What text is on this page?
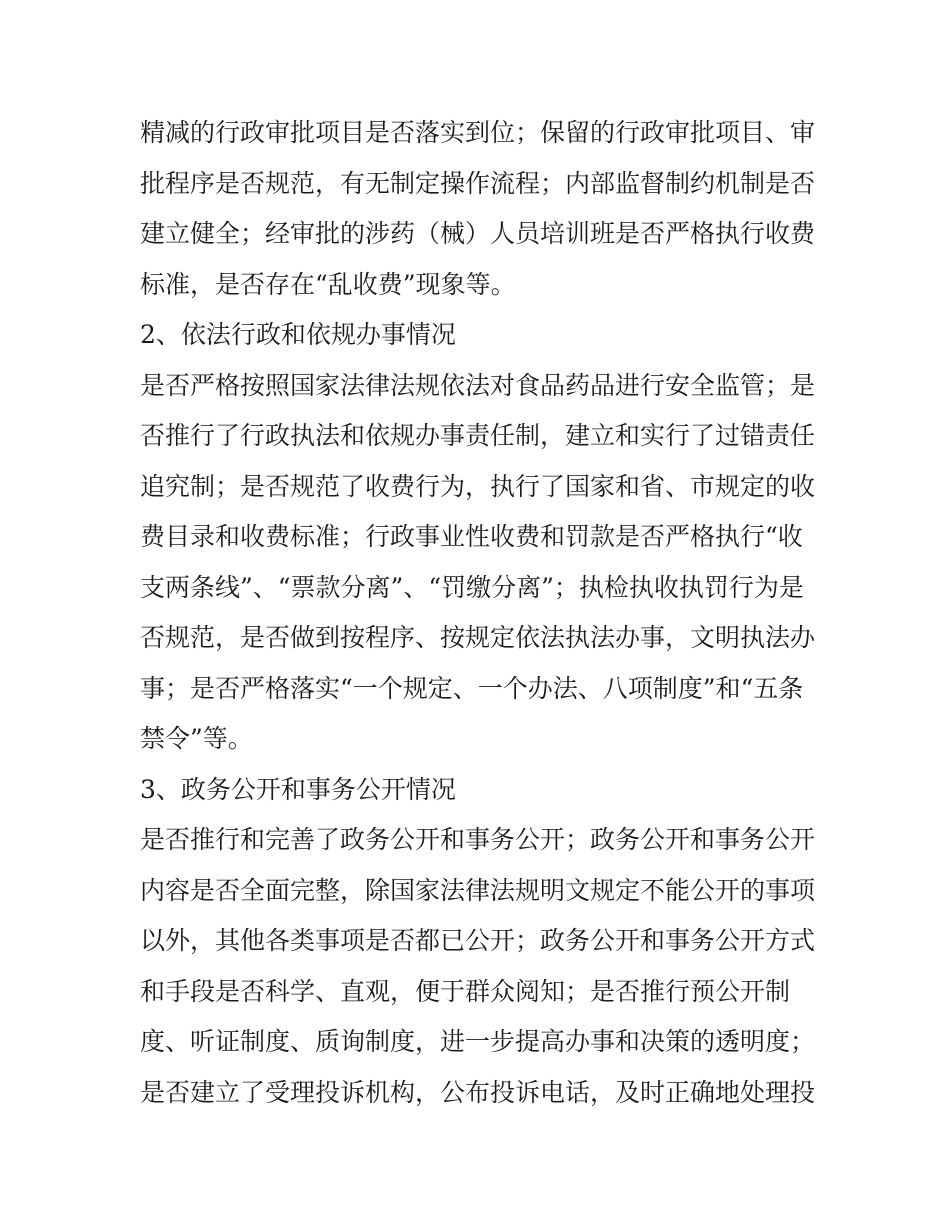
精减的行政审批项目是否落实到位；保留的行政审批项目、审
批程序是否规范，有无制定操作流程；内部监督制约机制是否
建立健全；经审批的涉药（械）人员培训班是否严格执行收费
标准，是否存在“乱收费”现象等。
2、依法行政和依规办事情况
是否严格按照国家法律法规依法对食品药品进行安全监管；是
否推行了行政执法和依规办事责任制，建立和实行了过错责任
追究制；是否规范了收费行为，执行了国家和省、市规定的收
费目录和收费标准；行政事业性收费和罚款是否严格执行“收
支两条线”、“票款分离”、“罚缴分离”；执检执收执罚行为是
否规范，是否做到按程序、按规定依法执法办事，文明执法办
事；是否严格落实“一个规定、一个办法、八项制度”和“五条
禁令”等。
3、政务公开和事务公开情况
是否推行和完善了政务公开和事务公开；政务公开和事务公开
内容是否全面完整，除国家法律法规明文规定不能公开的事项
以外，其他各类事项是否都已公开；政务公开和事务公开方式
和手段是否科学、直观，便于群众阅知；是否推行预公开制
度、听证制度、质询制度，进一步提高办事和决策的透明度；
是否建立了受理投诉机构，公布投诉电话，及时正确地处理投
